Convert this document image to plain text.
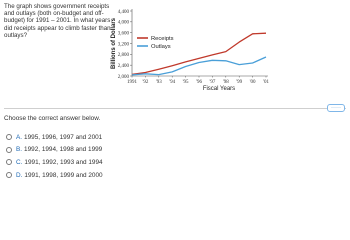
The graph shows government receipts and outlays (both on-budget and off-budget) for 1991 – 2001. In what years did receipts appear to climb faster than outlays?
2,000
2,400
2,800
3,200
3,600
4,000
4,400
1991 '92 '93 '94 '95 '96 '97 '98 '99 '00 '01
Fiscal Years
Billions of Dollars	Receipts
Outlays
·····
Choose the correct answer below.
A. 1995, 1996, 1997 and 2001
B. 1992, 1994, 1998 and 1999
C. 1991, 1992, 1993 and 1994
D. 1991, 1998, 1999 and 2000
